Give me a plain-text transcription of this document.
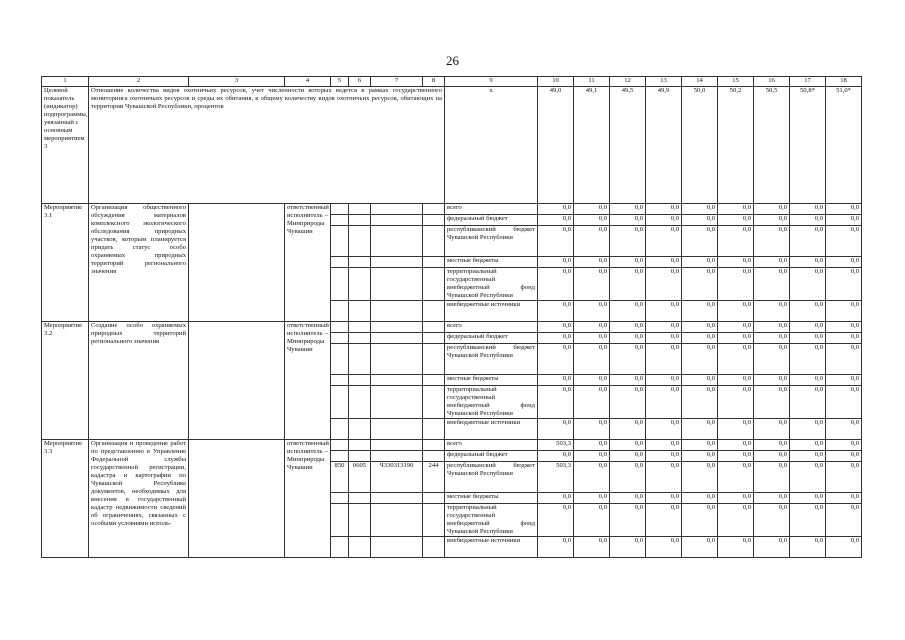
26
1	2	3	4	5	6	7	8	9	10	11	12	13	14	15	16	17	18
Целевой показатель (индикатор) подпрограммы, увязанный с основным мероприятием 3	Отношение количества видов охотничьих ресурсов, учет численности которых ведется в рамках государственного мониторинга охотничьих ресурсов и среды их обитания, к общему количеству видов охотничьих ресурсов, обитающих на территории Чувашской Республики, процентов							x	49,0	49,1	49,5	49,9	50,0	50,2	50,5	50,8*	51,0*
Мероприятие 3.1	Организация общественного обсуждения материалов комплексного экологического обследования природных участков, которым планируется придать статус особо охраняемых природных территорий регионального значения		ответственный исполнитель – Минприроды Чувашии					всего	0,0	0,0	0,0	0,0	0,0	0,0	0,0	0,0	0,0
								федеральный бюджет	0,0	0,0	0,0	0,0	0,0	0,0	0,0	0,0	0,0
								республиканский бюджет Чувашской Республики	0,0	0,0	0,0	0,0	0,0	0,0	0,0	0,0	0,0
								местные бюджеты	0,0	0,0	0,0	0,0	0,0	0,0	0,0	0,0	0,0
								территориальный государственный внебюджетный фонд Чувашской Республики	0,0	0,0	0,0	0,0	0,0	0,0	0,0	0,0	0,0
								внебюджетные источники	0,0	0,0	0,0	0,0	0,0	0,0	0,0	0,0	0,0
Мероприятие 3.2	Создание особо охраняемых природных территорий регионального значения		ответственный исполнитель – Минприроды Чувашии					всего	0,0	0,0	0,0	0,0	0,0	0,0	0,0	0,0	0,0
								федеральный бюджет	0,0	0,0	0,0	0,0	0,0	0,0	0,0	0,0	0,0
								республиканский бюджет Чувашской Республики	0,0	0,0	0,0	0,0	0,0	0,0	0,0	0,0	0,0
								местные бюджеты	0,0	0,0	0,0	0,0	0,0	0,0	0,0	0,0	0,0
								территориальный государственный внебюджетный фонд Чувашской Республики	0,0	0,0	0,0	0,0	0,0	0,0	0,0	0,0	0,0
								внебюджетные источники	0,0	0,0	0,0	0,0	0,0	0,0	0,0	0,0	0,0
Мероприятие 3.3	Организация и проведение работ по представлению в Управление Федеральной службы государственной регистрации, кадастра и картографии по Чувашской Республике документов, необходимых для внесения в государственный кадастр недвижимости сведений об ограничениях, связанных с особыми условиями исполь-		ответственный исполнитель – Минприроды Чувашии					всего	503,3	0,0	0,0	0,0	0,0	0,0	0,0	0,0	0,0
								федеральный бюджет	0,0	0,0	0,0	0,0	0,0	0,0	0,0	0,0	0,0
				850	0605	Ч330313190	244	республиканский бюджет Чувашской Республики	503,3	0,0	0,0	0,0	0,0	0,0	0,0	0,0	0,0
								местные бюджеты	0,0	0,0	0,0	0,0	0,0	0,0	0,0	0,0	0,0
								территориальный государственный внебюджетный фонд Чувашской Республики	0,0	0,0	0,0	0,0	0,0	0,0	0,0	0,0	0,0
								внебюджетные источники	0,0	0,0	0,0	0,0	0,0	0,0	0,0	0,0	0,0
